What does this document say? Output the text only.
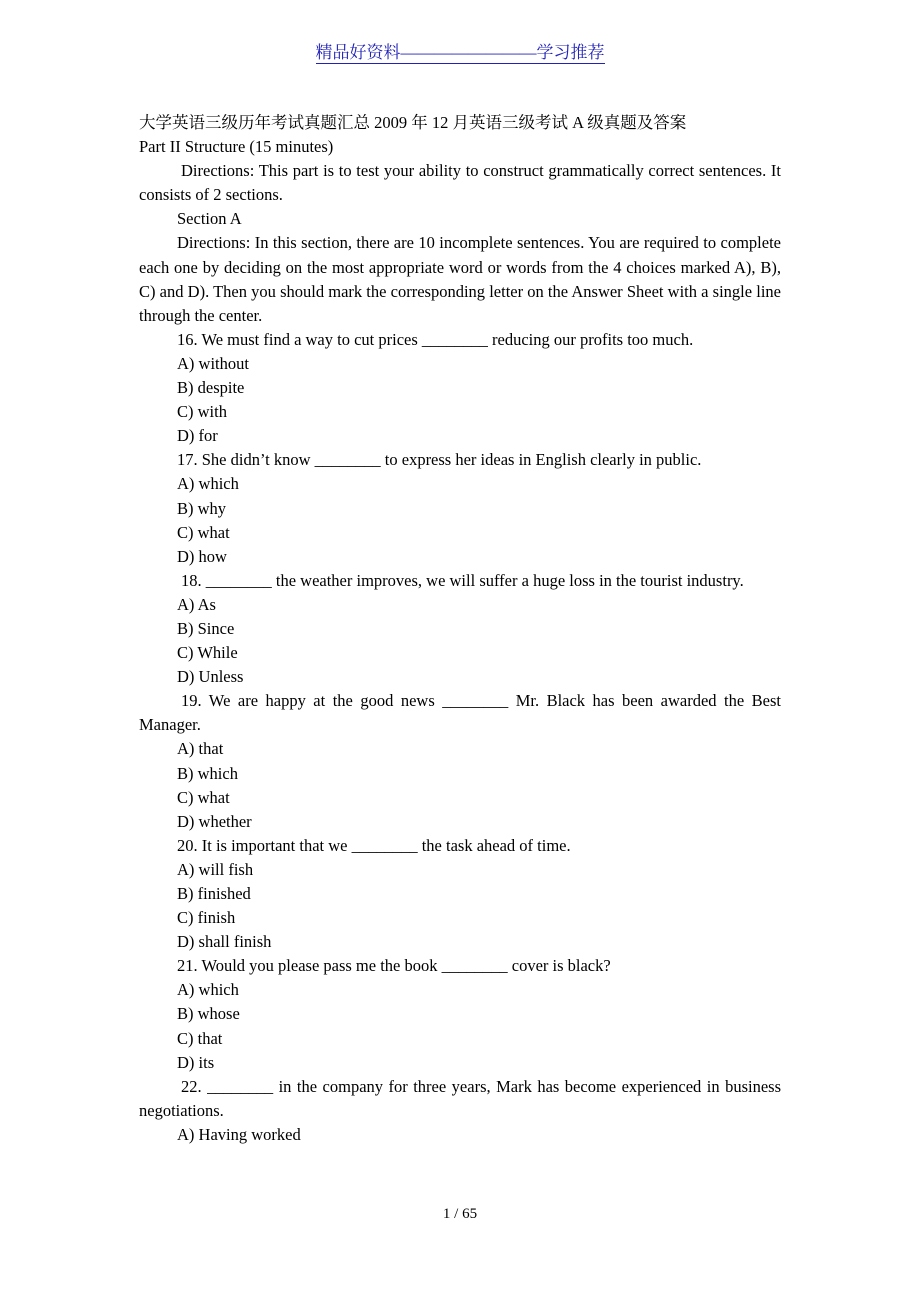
精品好资料————————学习推荐

大学英语三级历年考试真题汇总 2009 年 12 月英语三级考试 A 级真题及答案

Part II Structure (15 minutes)

Directions: This part is to test your ability to construct grammatically correct sentences. It consists of 2 sections.

Section A

Directions: In this section, there are 10 incomplete sentences. You are required to complete each one by deciding on the most appropriate word or words from the 4 choices marked A), B), C) and D). Then you should mark the corresponding letter on the Answer Sheet with a single line through the center.

16. We must find a way to cut prices ________ reducing our profits too much.

A) without

B) despite

C) with

D) for

17. She didn’t know ________ to express her ideas in English clearly in public.

A) which

B) why

C) what

D) how

18. ________ the weather improves, we will suffer a huge loss in the tourist industry.

A) As

B) Since

C) While

D) Unless

19. We are happy at the good news ________ Mr. Black has been awarded the Best Manager.

A) that

B) which

C) what

D) whether

20. It is important that we ________ the task ahead of time.

A) will fish

B) finished

C) finish

D) shall finish

21. Would you please pass me the book ________ cover is black?

A) which

B) whose

C) that

D) its

22. ________ in the company for three years, Mark has become experienced in business negotiations.

A) Having worked

1 / 65
